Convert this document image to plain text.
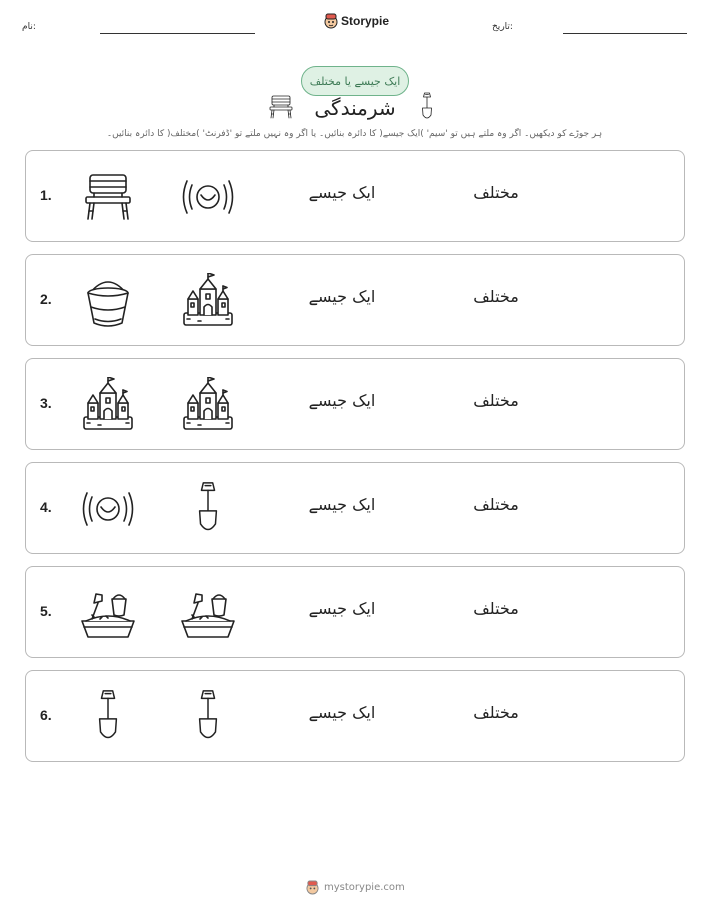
نام:	Storypie	تاریخ:
ایک جیسے یا مختلف
شرمندگی
ہر جوڑے کو دیکھیں۔ اگر وہ ملتے ہیں تو 'سیم' )ایک جیسے( کا دائرہ بنائیں۔ یا اگر وہ نہیں ملتے تو 'ڈفرنٹ' )مختلف( کا دائرہ بنائیں۔
1.	ایک جیسے	مختلف
2.	ایک جیسے	مختلف
3.	ایک جیسے	مختلف
4.	ایک جیسے	مختلف
5.	ایک جیسے	مختلف
6.	ایک جیسے	مختلف
mystorypie.com
